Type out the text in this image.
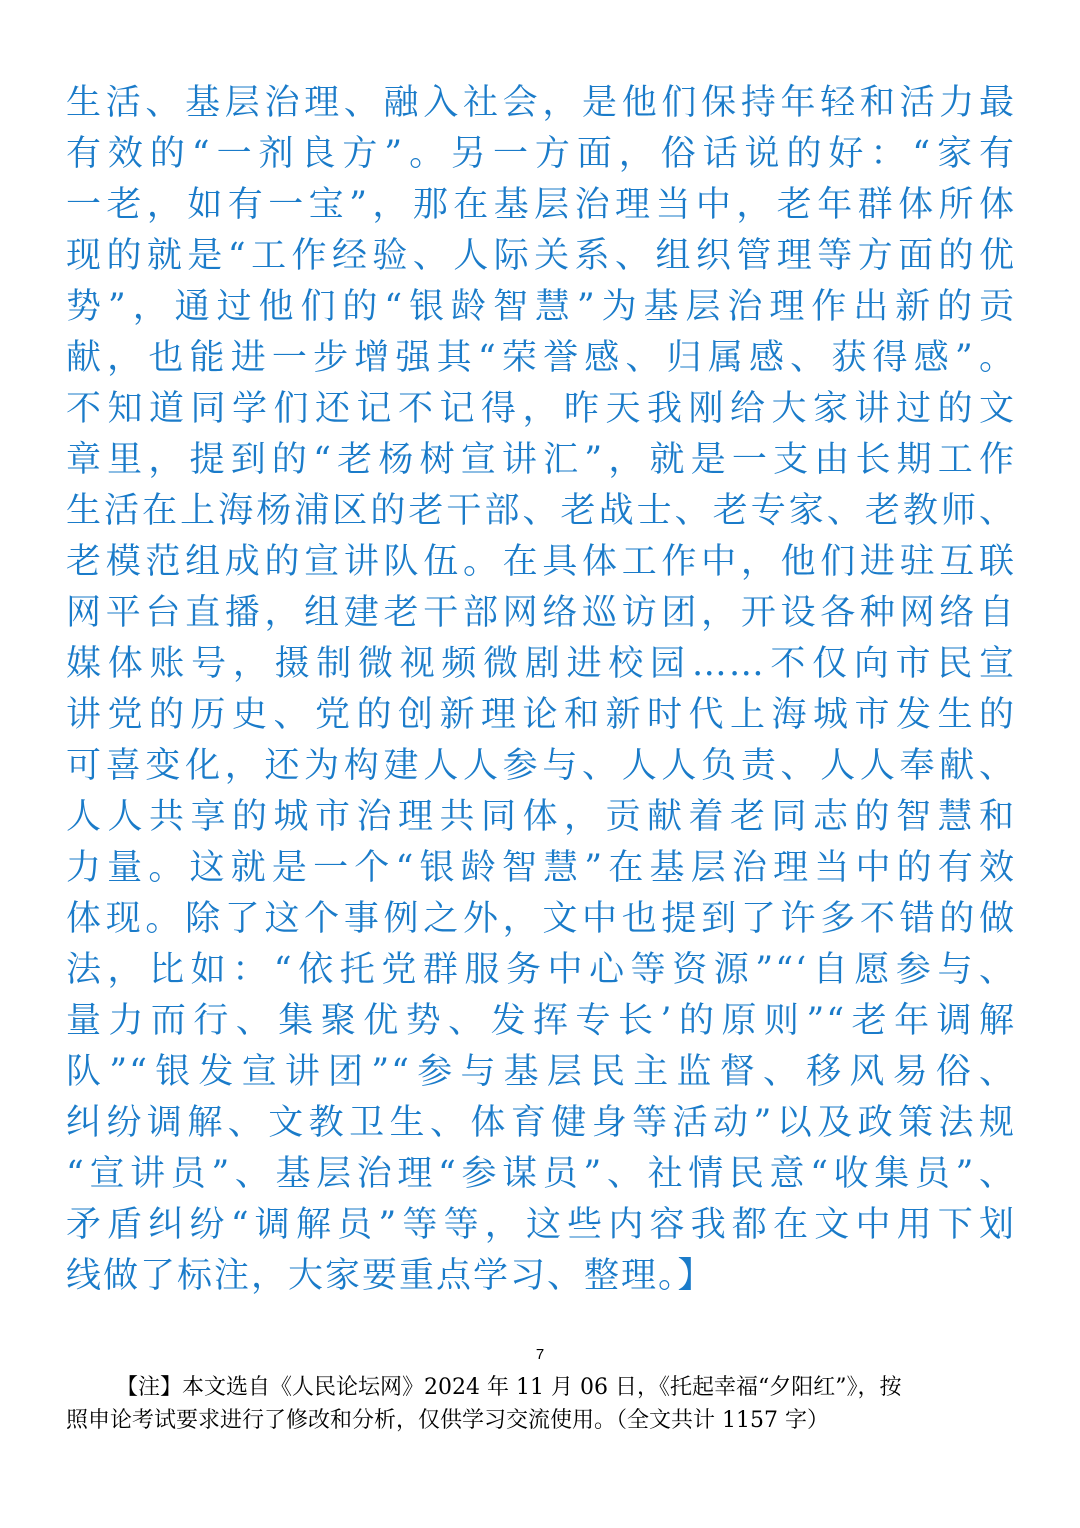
生活、基层治理、融入社会，是他们保持年轻和活力最
有效的“一剂良方”。另一方面，俗话说的好：“家有
一老，如有一宝”，那在基层治理当中，老年群体所体
现的就是“工作经验、人际关系、组织管理等方面的优
势”，通过他们的“银龄智慧”为基层治理作出新的贡
献，也能进一步增强其“荣誉感、归属感、获得感”。
不知道同学们还记不记得，昨天我刚给大家讲过的文
章里，提到的“老杨树宣讲汇”，就是一支由长期工作
生活在上海杨浦区的老干部、老战士、老专家、老教师、
老模范组成的宣讲队伍。在具体工作中，他们进驻互联
网平台直播，组建老干部网络巡访团，开设各种网络自
媒体账号，摄制微视频微剧进校园……不仅向市民宣
讲党的历史、党的创新理论和新时代上海城市发生的
可喜变化，还为构建人人参与、人人负责、人人奉献、
人人共享的城市治理共同体，贡献着老同志的智慧和
力量。这就是一个“银龄智慧”在基层治理当中的有效
体现。除了这个事例之外，文中也提到了许多不错的做
法，比如：“依托党群服务中心等资源”“‘自愿参与、
量力而行、集聚优势、发挥专长’的原则”“老年调解
队”“银发宣讲团”“参与基层民主监督、移风易俗、
纠纷调解、文教卫生、体育健身等活动”以及政策法规
“宣讲员”、基层治理“参谋员”、社情民意“收集员”、
矛盾纠纷“调解员”等等，这些内容我都在文中用下划
线做了标注，大家要重点学习、整理。】
7
【注】本文选自《人民论坛网》2024 年 11 月 06 日，《托起幸福“夕阳红”》，按
照申论考试要求进行了修改和分析，仅供学习交流使用。（全文共计 1157 字）
